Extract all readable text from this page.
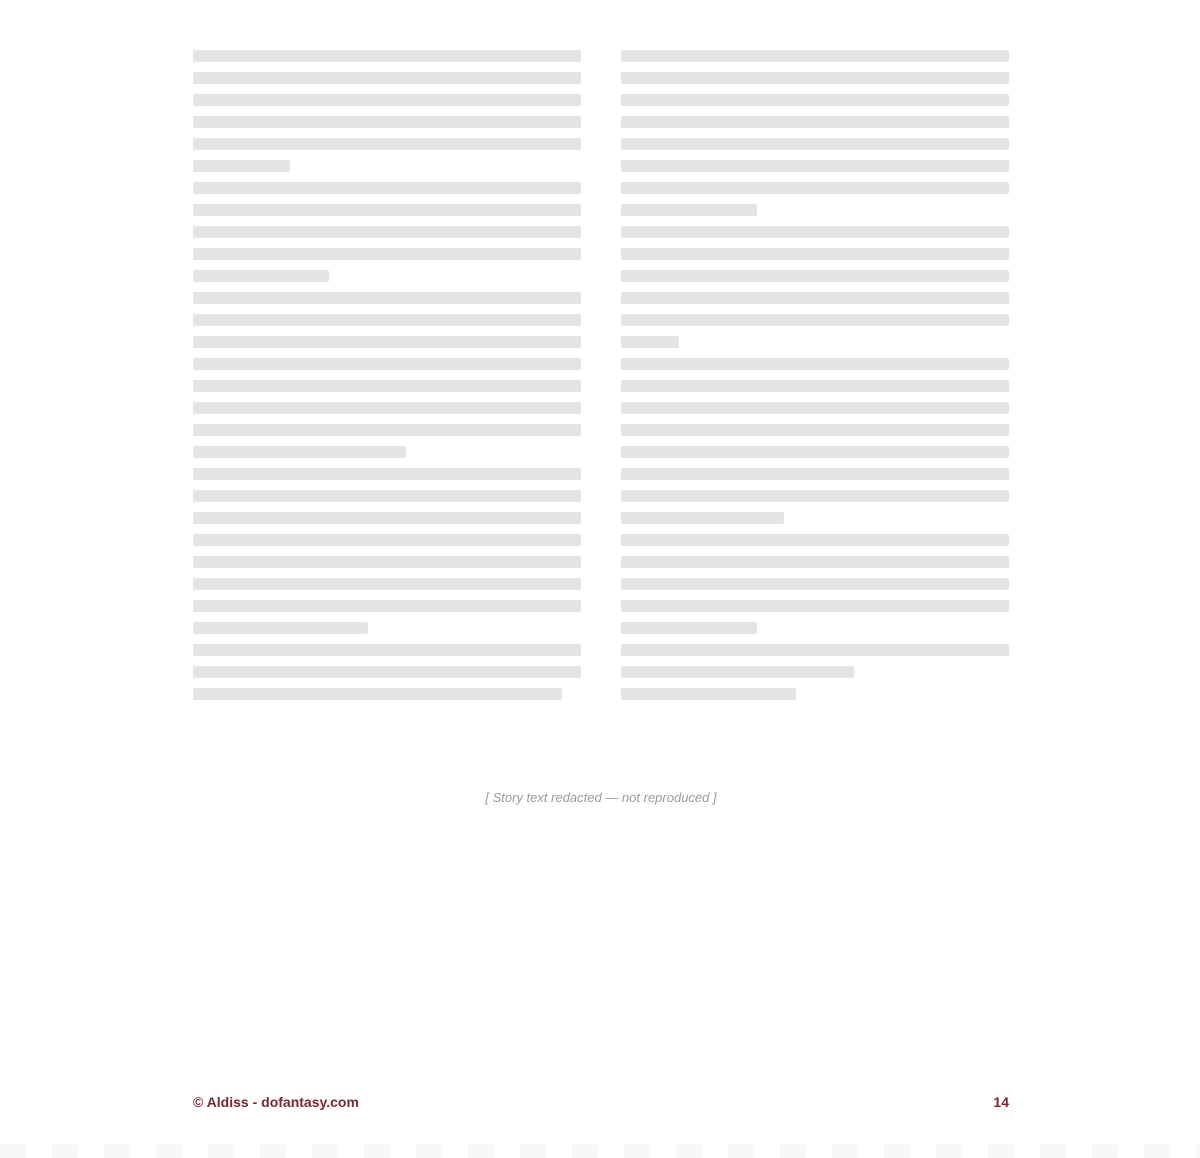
[ Story text redacted — not reproduced ]
© Aldiss - dofantasy.com	14
